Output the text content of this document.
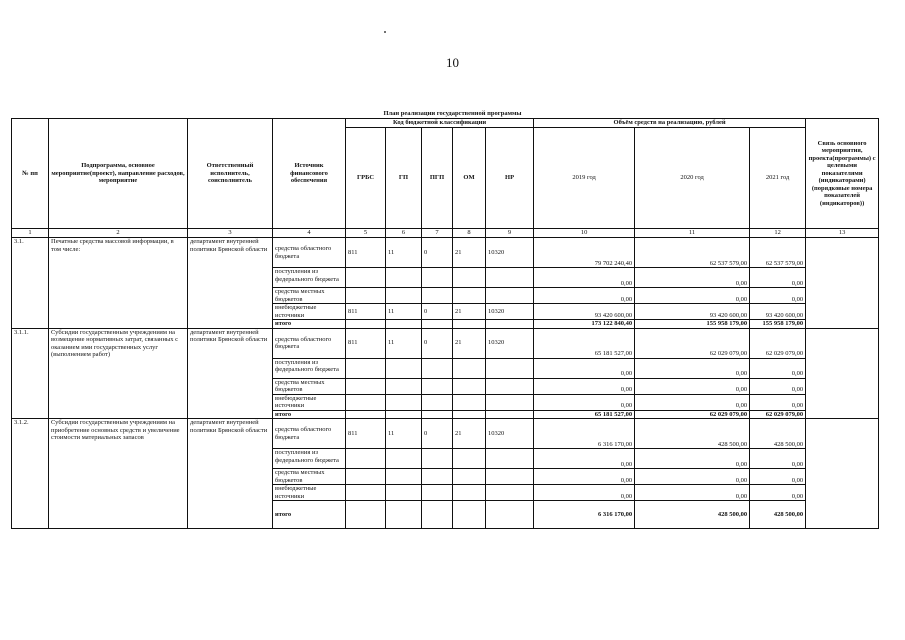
10
План реализации государственной программы
№ пп	Подпрограмма, основное мероприятие(проект), направление расходов, мероприятие	Ответственный исполнитель, соисполнитель	Источник финансового обеспечения	Код бюджетной классификации					Объём средств на реализацию, рублей			Связь основного мероприятия, проекта(программы) с целевыми показателями (индикаторами) (порядковые номера показателей (индикаторов))
				ГРБС	ГП	ПГП	ОМ	НР	2019 год	2020 год	2021 год	
1	2	3	4	5	6	7	8	9	10	11	12	13
3.1.	Печатные средства массовой информации, в том числе:	департамент внутренней политики Брянской области	средства областного бюджета	811	11	0	21	10320	79 702 240,40	62 537 579,00	62 537 579,00	
			поступления из федерального бюджета						0,00	0,00	0,00	
			средства местных бюджетов						0,00	0,00	0,00	
			внебюджетные источники	811	11	0	21	10320	93 420 600,00	93 420 600,00	93 420 600,00	
			итого						173 122 840,40	155 958 179,00	155 958 179,00	
3.1.1.	Субсидии государственным учреждениям на возмещение нормативных затрат, связанных с оказанием ими государственных услуг (выполнением работ)	департамент внутренней политики Брянской области	средства областного бюджета	811	11	0	21	10320	65 181 527,00	62 029 079,00	62 029 079,00	
			поступления из федерального бюджета						0,00	0,00	0,00	
			средства местных бюджетов						0,00	0,00	0,00	
			внебюджетные источники						0,00	0,00	0,00	
			итого						65 181 527,00	62 029 079,00	62 029 079,00	
3.1.2.	Субсидии государственным учреждениям на приобретение основных средств и увеличение стоимости материальных запасов	департамент внутренней политики Брянской области	средства областного бюджета	811	11	0	21	10320	6 316 170,00	428 500,00	428 500,00	
			поступления из федерального бюджета						0,00	0,00	0,00	
			средства местных бюджетов						0,00	0,00	0,00	
			внебюджетные источники						0,00	0,00	0,00	
			итого						6 316 170,00	428 500,00	428 500,00	
